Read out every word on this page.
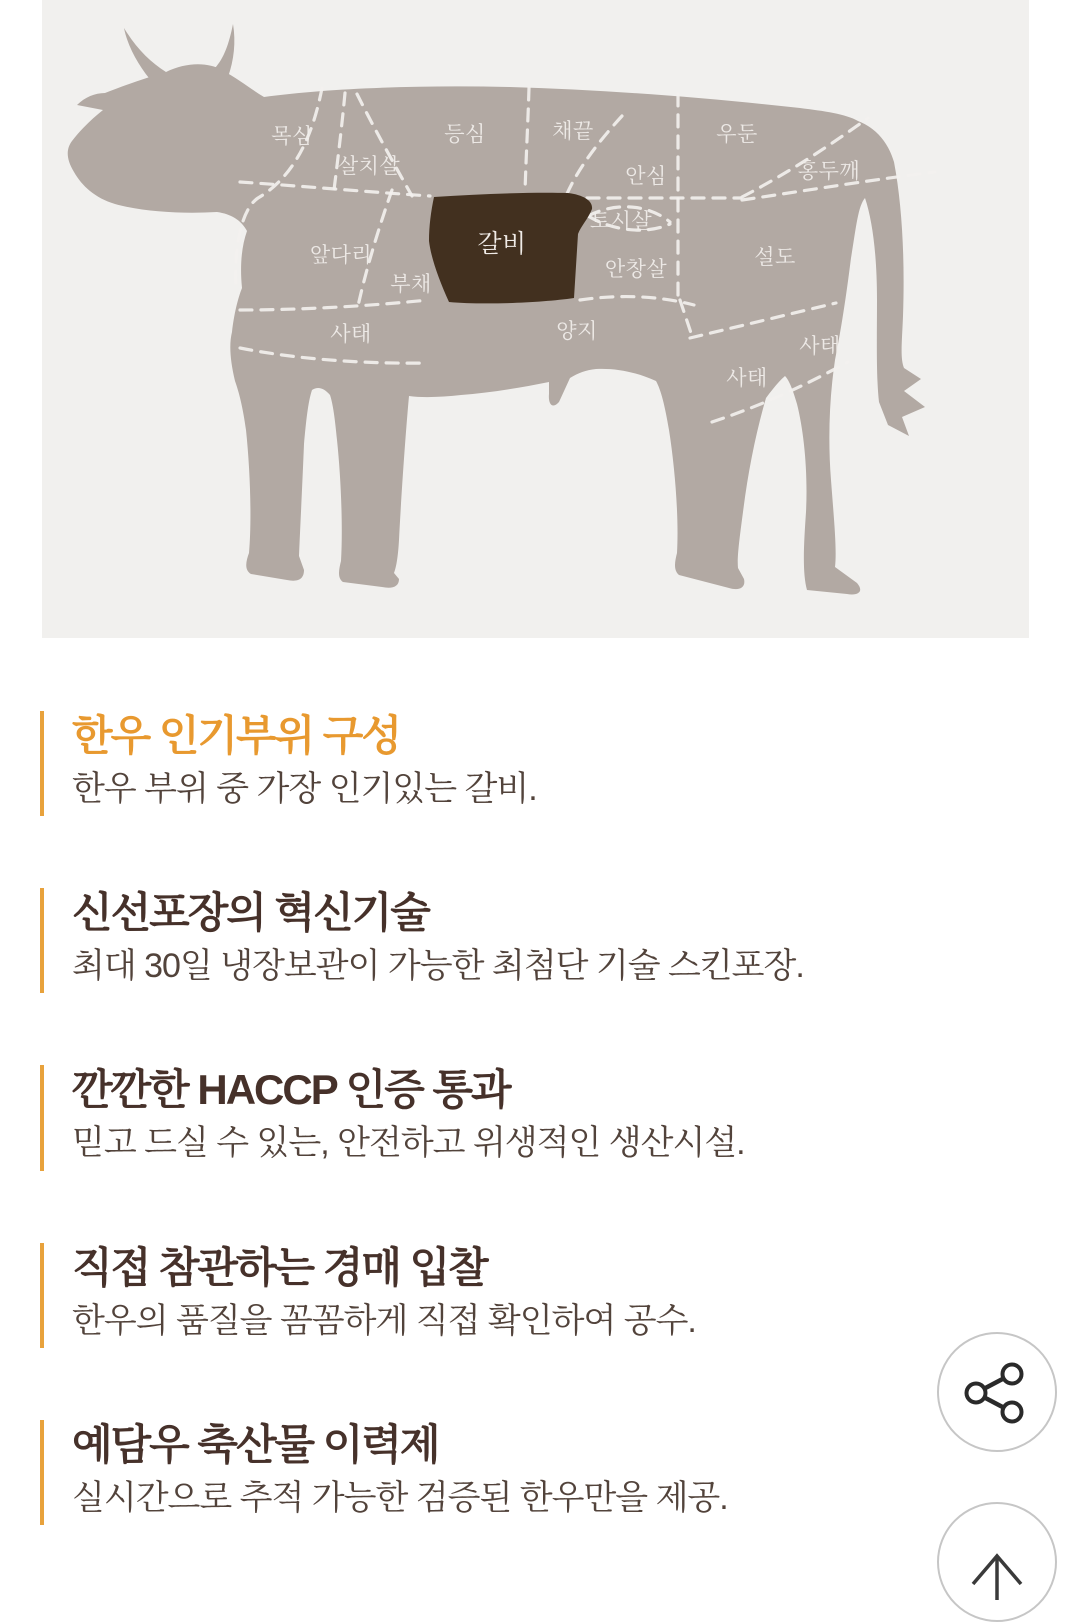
목심
살치살
등심	채끝	우둔
홍두깨
안심
토시살
갈비
앞다리
부채
안창살
설도
사태	양지
사태
사태
한우 인기부위 구성

한우 부위 중 가장 인기있는 갈비.

신선포장의 혁신기술

최대 30일 냉장보관이 가능한 최첨단 기술 스킨포장.

깐깐한 HACCP 인증 통과

믿고 드실 수 있는, 안전하고 위생적인 생산시설.

직접 참관하는 경매 입찰

한우의 품질을 꼼꼼하게 직접 확인하여 공수.

예담우 축산물 이력제

실시간으로 추적 가능한 검증된 한우만을 제공.
